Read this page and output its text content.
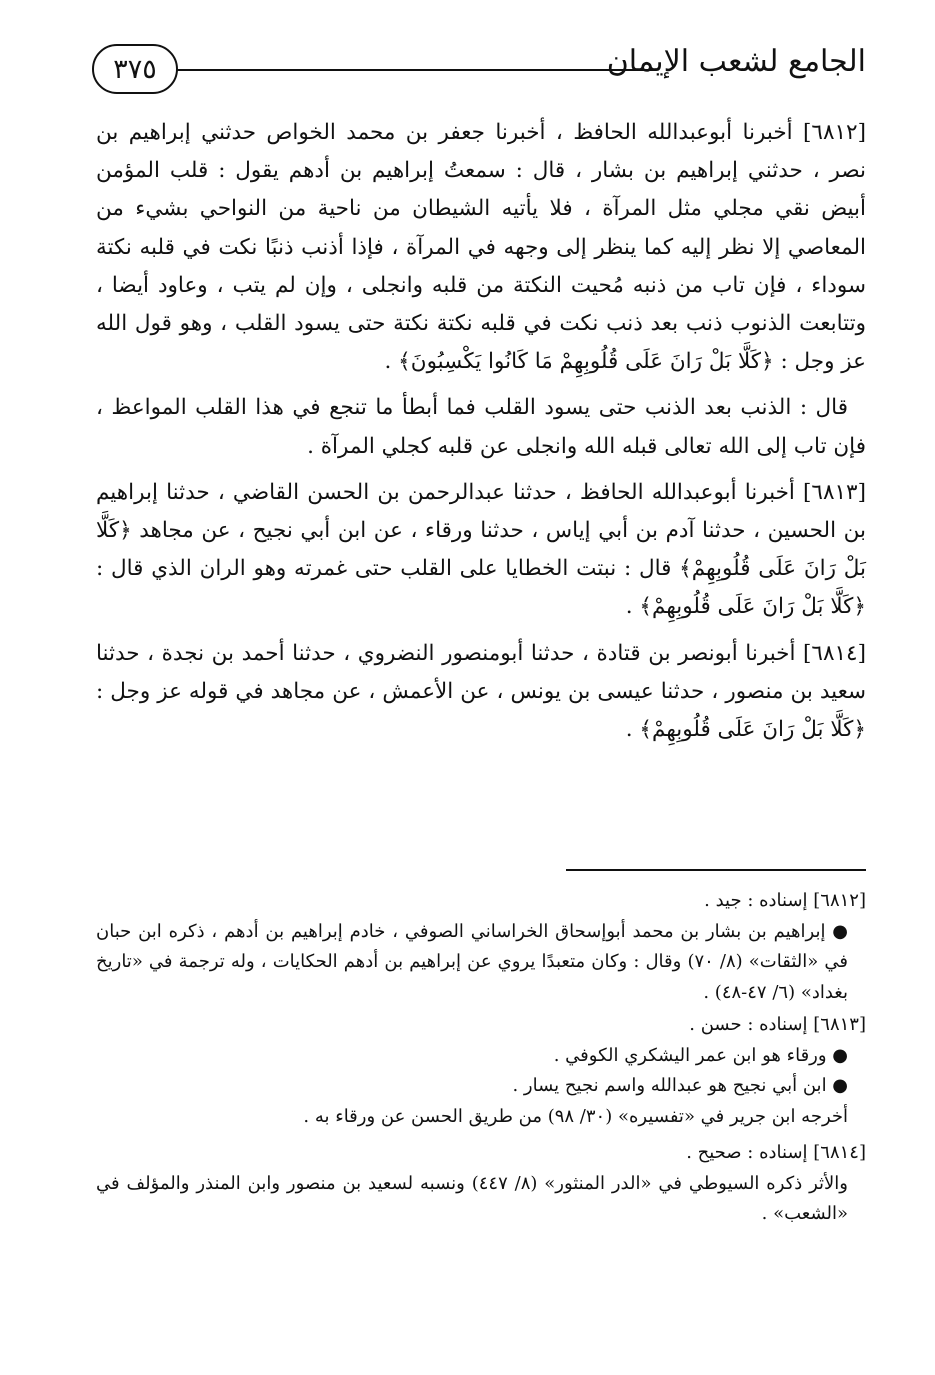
٣٧٥	الجامع لشعب الإيمان

[٦٨١٢] أخبرنا أبوعبدالله الحافظ ، أخبرنا جعفر بن محمد الخواص حدثني إبراهيم بن نصر ، حدثني إبراهيم بن بشار ، قال : سمعتُ إبراهيم بن أدهم يقول : قلب المؤمن أبيض نقي مجلي مثل المرآة ، فلا يأتيه الشيطان من ناحية من النواحي بشيء من المعاصي إلا نظر إليه كما ينظر إلى وجهه في المرآة ، فإذا أذنب ذنبًا نكت في قلبه نكتة سوداء ، فإن تاب من ذنبه مُحيت النكتة من قلبه وانجلى ، وإن لم يتب ، وعاود أيضا ، وتتابعت الذنوب ذنب بعد ذنب نكت في قلبه نكتة نكتة حتى يسود القلب ، وهو قول الله عز وجل : ﴿كَلَّا بَلْ رَانَ عَلَى قُلُوبِهِمْ مَا كَانُوا يَكْسِبُونَ﴾ .

قال : الذنب بعد الذنب حتى يسود القلب فما أبطأ ما تنجع في هذا القلب المواعظ ، فإن تاب إلى الله تعالى قبله الله وانجلى عن قلبه كجلي المرآة .

[٦٨١٣] أخبرنا أبوعبدالله الحافظ ، حدثنا عبدالرحمن بن الحسن القاضي ، حدثنا إبراهيم بن الحسين ، حدثنا آدم بن أبي إياس ، حدثنا ورقاء ، عن ابن أبي نجيح ، عن مجاهد ﴿كَلَّا بَلْ رَانَ عَلَى قُلُوبِهِمْ﴾ قال : نبتت الخطايا على القلب حتى غمرته وهو الران الذي قال : ﴿كَلَّا بَلْ رَانَ عَلَى قُلُوبِهِمْ﴾ .

[٦٨١٤] أخبرنا أبونصر بن قتادة ، حدثنا أبومنصور النضروي ، حدثنا أحمد بن نجدة ، حدثنا سعيد بن منصور ، حدثنا عيسى بن يونس ، عن الأعمش ، عن مجاهد في قوله عز وجل : ﴿كَلَّا بَلْ رَانَ عَلَى قُلُوبِهِمْ﴾ .

[٦٨١٢] إسناده : جيد .

● إبراهيم بن بشار بن محمد أبوإسحاق الخراساني الصوفي ، خادم إبراهيم بن أدهم ، ذكره ابن حبان في «الثقات» (٨/ ٧٠) وقال : وكان متعبدًا يروي عن إبراهيم بن أدهم الحكايات ، وله ترجمة في «تاريخ بغداد» (٦/ ٤٧-٤٨) .

[٦٨١٣] إسناده : حسن .

● ورقاء هو ابن عمر اليشكري الكوفي .

● ابن أبي نجيح هو عبدالله واسم نجيح يسار .

أخرجه ابن جرير في «تفسيره» (٣٠/ ٩٨) من طريق الحسن عن ورقاء به .

[٦٨١٤] إسناده : صحيح .

والأثر ذكره السيوطي في «الدر المنثور» (٨/ ٤٤٧) ونسبه لسعيد بن منصور وابن المنذر والمؤلف في «الشعب» .
